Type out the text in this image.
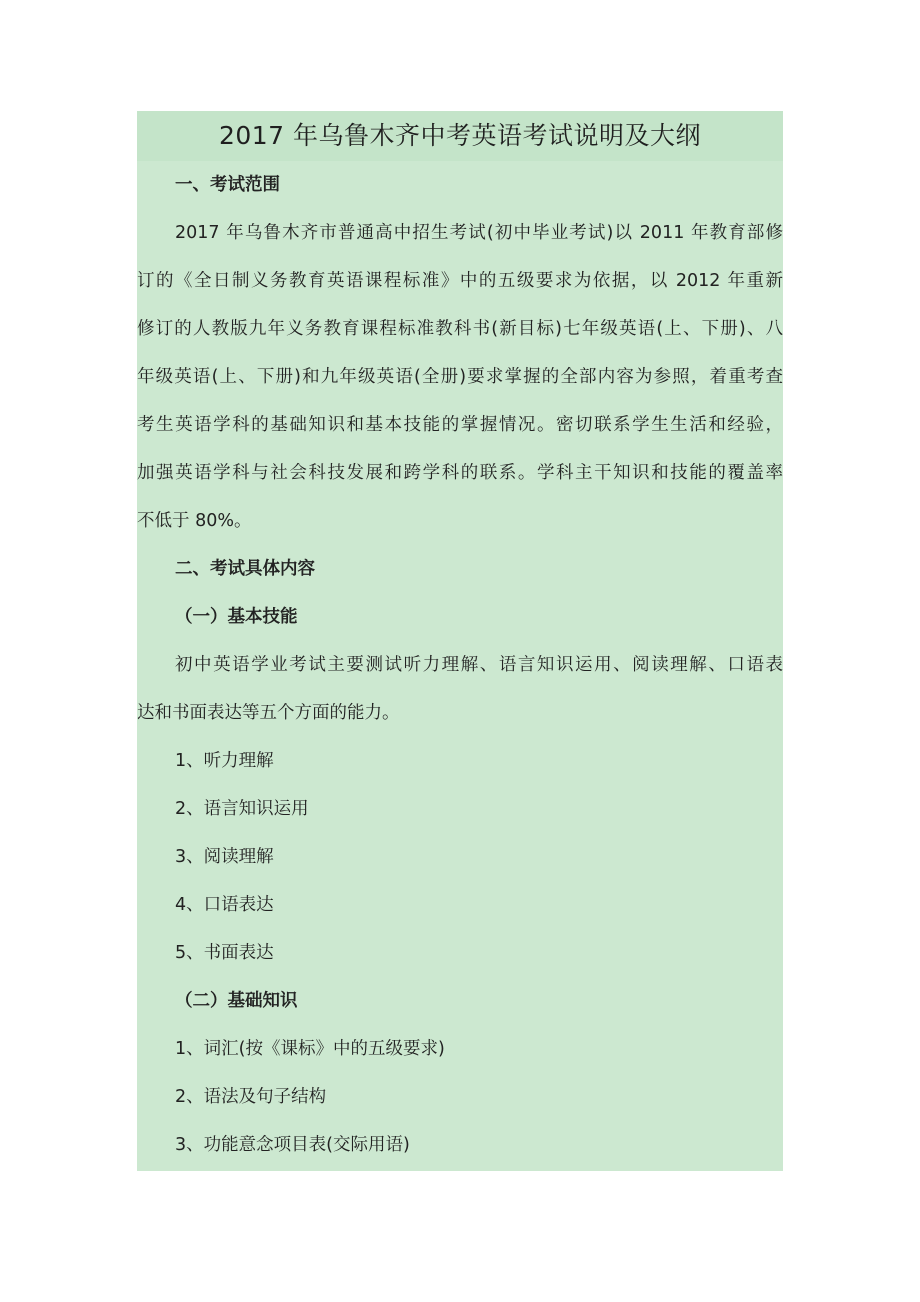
2017 年乌鲁木齐中考英语考试说明及大纲
一、考试范围
2017 年乌鲁木齐市普通高中招生考试(初中毕业考试)以 2011 年教育部修
订的《全日制义务教育英语课程标准》中的五级要求为依据，以 2012 年重新
修订的人教版九年义务教育课程标准教科书(新目标)七年级英语(上、下册)、八
年级英语(上、下册)和九年级英语(全册)要求掌握的全部内容为参照，着重考查
考生英语学科的基础知识和基本技能的掌握情况。密切联系学生生活和经验，
加强英语学科与社会科技发展和跨学科的联系。学科主干知识和技能的覆盖率
不低于 80%。
二、考试具体内容
（一）基本技能
初中英语学业考试主要测试听力理解、语言知识运用、阅读理解、口语表
达和书面表达等五个方面的能力。
1、听力理解
2、语言知识运用
3、阅读理解
4、口语表达
5、书面表达
（二）基础知识
1、词汇(按《课标》中的五级要求)
2、语法及句子结构
3、功能意念项目表(交际用语)
